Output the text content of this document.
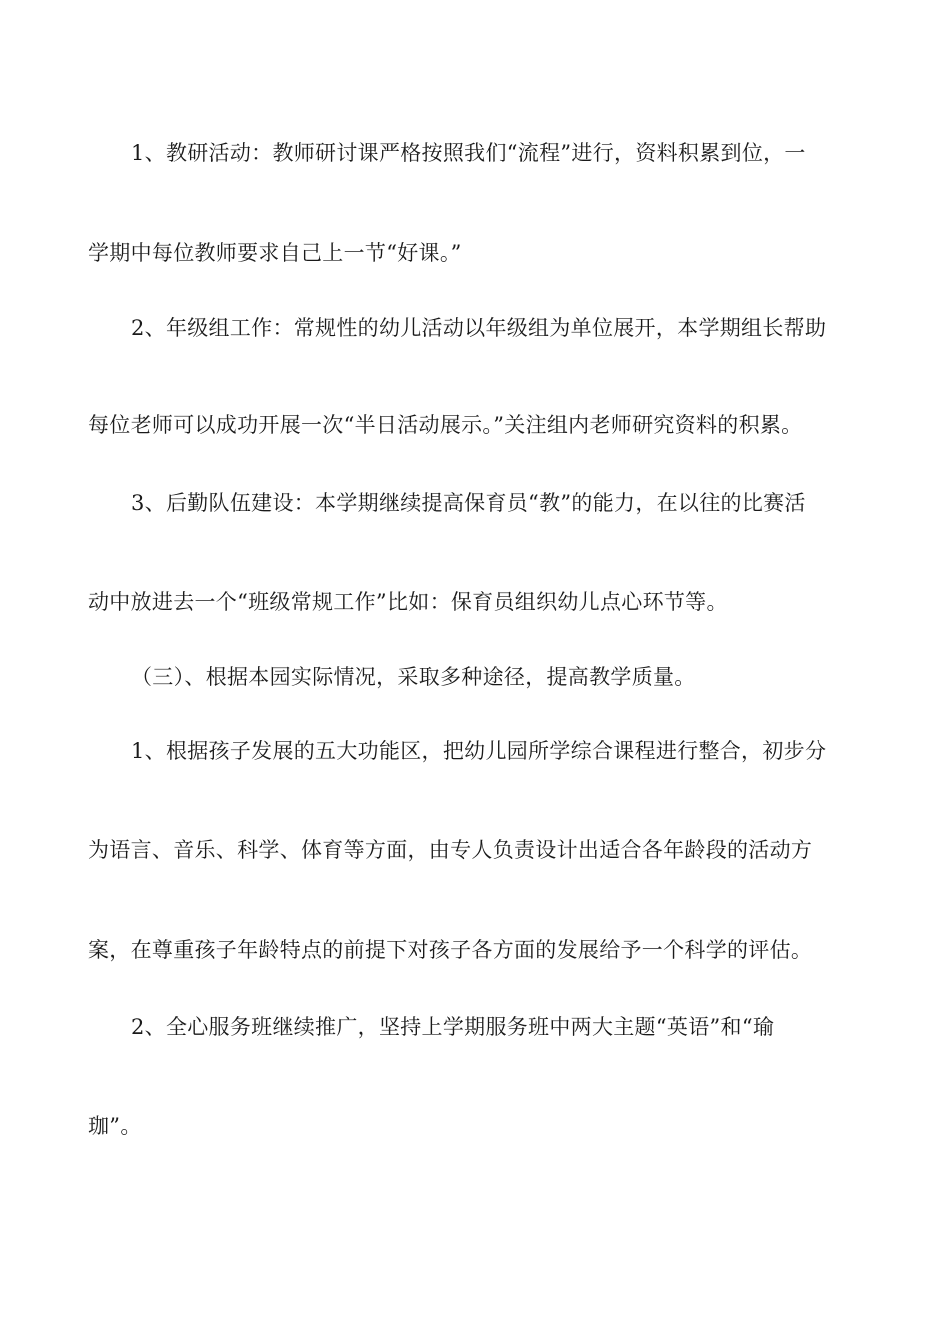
1、教研活动：教师研讨课严格按照我们“流程”进行，资料积累到位，一
学期中每位教师要求自己上一节“好课。”
2、年级组工作：常规性的幼儿活动以年级组为单位展开，本学期组长帮助
每位老师可以成功开展一次“半日活动展示。”关注组内老师研究资料的积累。
3、后勤队伍建设：本学期继续提高保育员“教”的能力，在以往的比赛活
动中放进去一个“班级常规工作”比如：保育员组织幼儿点心环节等。
（三）、根据本园实际情况，采取多种途径，提高教学质量。
1、根据孩子发展的五大功能区，把幼儿园所学综合课程进行整合，初步分
为语言、音乐、科学、体育等方面，由专人负责设计出适合各年龄段的活动方
案，在尊重孩子年龄特点的前提下对孩子各方面的发展给予一个科学的评估。
2、全心服务班继续推广，坚持上学期服务班中两大主题“英语”和“瑜
珈”。
